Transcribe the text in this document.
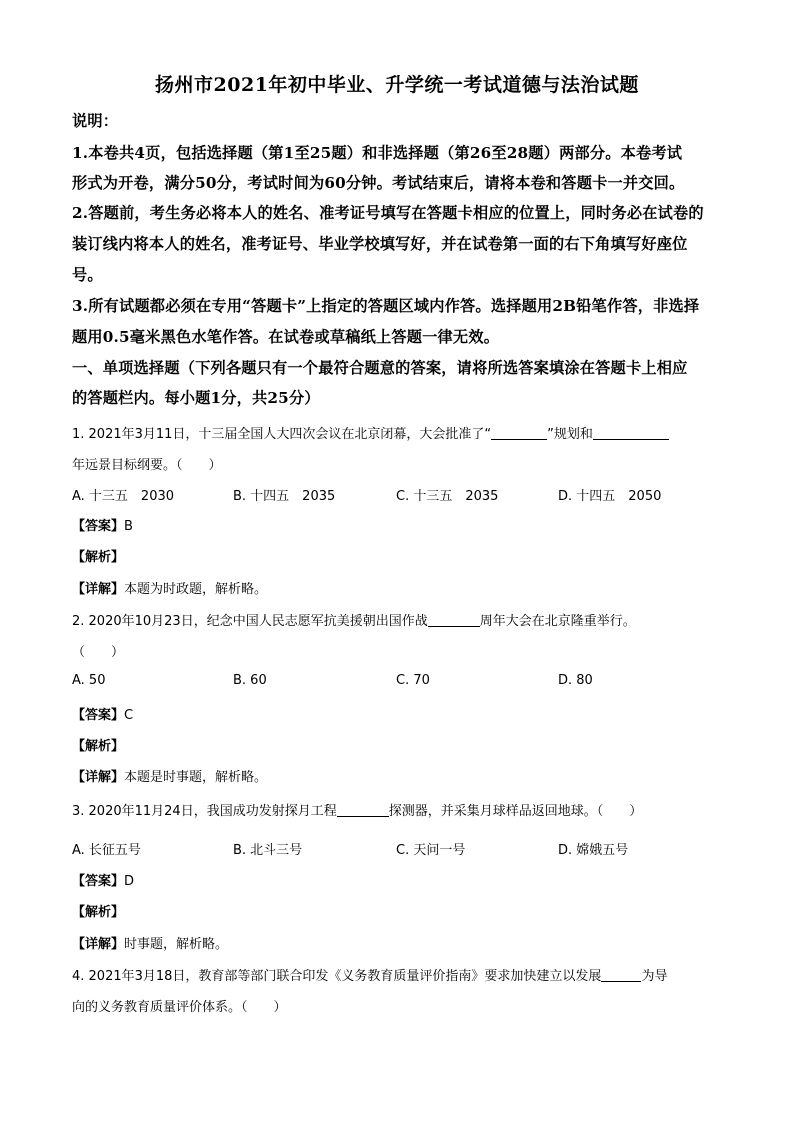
扬州市2021年初中毕业、升学统一考试道德与法治试题
说明：
1.本卷共4页，包括选择题（第1至25题）和非选择题（第26至28题）两部分。本卷考试
形式为开卷，满分50分，考试时间为60分钟。考试结束后，请将本卷和答题卡一并交回。
2.答题前，考生务必将本人的姓名、准考证号填写在答题卡相应的位置上，同时务必在试卷的
装订线内将本人的姓名，准考证号、毕业学校填写好，并在试卷第一面的右下角填写好座位
号。
3.所有试题都必须在专用“答题卡”上指定的答题区域内作答。选择题用2B铅笔作答，非选择
题用0.5毫米黑色水笔作答。在试卷或草稿纸上答题一律无效。
一、单项选择题（下列各题只有一个最符合题意的答案，请将所选答案填涂在答题卡上相应
的答题栏内。每小题1分，共25分）
1. 2021年3月11日，十三届全国人大四次会议在北京闭幕，大会批准了“	”规划和
年远景目标纲要。（　　）
A. 十三五　2030	B. 十四五　2035	C. 十三五　2035	D. 十四五　2050
【答案】B
【解析】
【详解】本题为时政题，解析略。
2. 2020年10月23日，纪念中国人民志愿军抗美援朝出国作战	周年大会在北京隆重举行。
（　　）
A. 50	B. 60	C. 70	D. 80
【答案】C
【解析】
【详解】本题是时事题，解析略。
3. 2020年11月24日，我国成功发射探月工程	探测器，并采集月球样品返回地球。（　　）
A. 长征五号	B. 北斗三号	C. 天问一号	D. 嫦娥五号
【答案】D
【解析】
【详解】时事题，解析略。
4. 2021年3月18日，教育部等部门联合印发《义务教育质量评价指南》要求加快建立以发展	为导
向的义务教育质量评价体系。（　　）
